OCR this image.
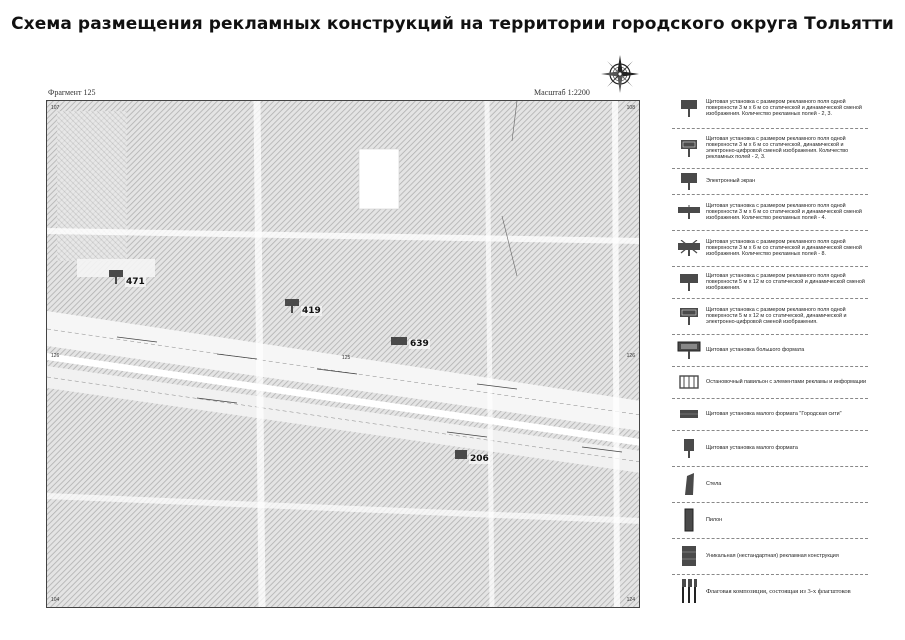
Схема размещения рекламных конструкций на территории городского округа Тольятти
Фрагмент 125	Масштаб 1:2200
107	108
126	126
104	124
125
471
419
639
206
Щитовая установка с размером рекламного поля одной поверхности 3 м х 6 м со статической и динамической сменой изображения. Количество рекламных полей - 2, 3.
Щитовая установка с размером рекламного поля одной поверхности 3 м х 6 м со статической, динамической и электронно-цифровой сменой изображения. Количество рекламных полей - 2, 3.
Электронный экран
Щитовая установка с размером рекламного поля одной поверхности 3 м х 6 м со статической и динамической сменой изображения. Количество рекламных полей - 4.
Щитовая установка с размером рекламного поля одной поверхности 3 м х 6 м со статической и динамической сменой изображения. Количество рекламных полей - 8.
Щитовая установка с размером рекламного поля одной поверхности 5 м х 12 м со статической и динамической сменой изображения.
Щитовая установка с размером рекламного поля одной поверхности 5 м х 12 м со статической, динамической и электронно-цифровой сменой изображения.
Щитовая установка большого формата
Остановочный павильон с элементами рекламы и информации
Щитовая установка малого формата "Городская сити"
Щитовая установка малого формата
Стела
Пилон
Уникальная (нестандартная) рекламная конструкция
Флаговая композиция, состоящая из 3-х флагштоков
